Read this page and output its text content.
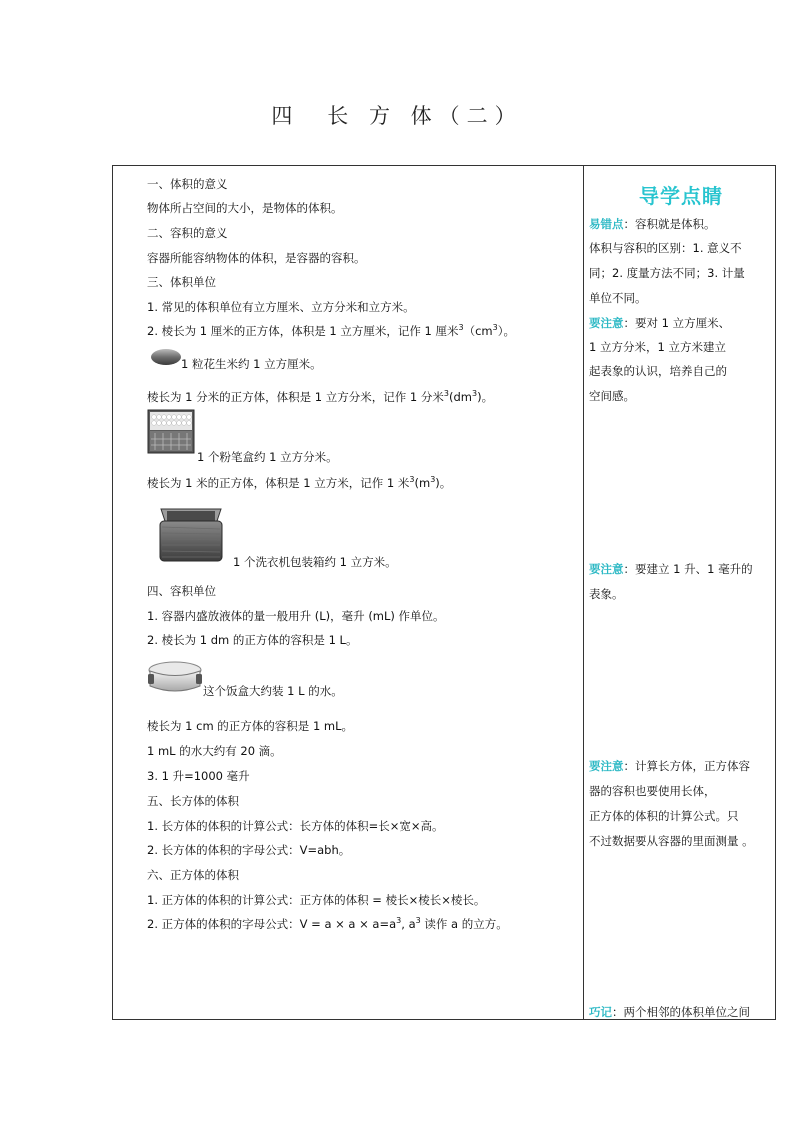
四　长 方 体（二）
一、体积的意义
物体所占空间的大小，是物体的体积。
二、容积的意义
容器所能容纳物体的体积，是容器的容积。
三、体积单位
1. 常见的体积单位有立方厘米、立方分米和立方米。
2. 棱长为 1 厘米的正方体，体积是 1 立方厘米，记作 1 厘米$^3(cm^3)$。
1 粒花生米约 1 立方厘米。
棱长为 1 分米的正方体，体积是 1 立方分米，记作 1 分米$^3(dm^3)$。
1 个粉笔盒约 1 立方分米。
棱长为 1 米的正方体，体积是 1 立方米，记作 1 米$^3(m^3)$。
1 个洗衣机包装箱约 1 立方米。
四、容积单位
1. 容器内盛放液体的量一般用升 (L)，毫升 (mL) 作单位。
2. 棱长为 1 dm 的正方体的容积是 1 L。
这个饭盒大约装 1 L 的水。
棱长为 1 cm 的正方体的容积是 1 mL。
1 mL 的水大约有 20 滴。
3. 1 升=1000 毫升
五、长方体的体积
1. 长方体的体积的计算公式：长方体的体积=长×宽×高。
2. 长方体的体积的字母公式：V=abh。
六、正方体的体积
1. 正方体的体积的计算公式：正方体的体积 = 棱长×棱长×棱长。
2. 正方体的体积的字母公式：$V = a \times a \times a=a^3$, $a^3$ 读作 a 的立方。
导学点睛
易错点：容积就是体积。
体积与容积的区别：1. 意义不
同；2. 度量方法不同；3. 计量
单位不同。
要注意：要对 1 立方厘米、
1 立方分米，1 立方米建立
起表象的认识，培养自己的
空间感。
要注意：要建立 1 升、1 毫升的
表象。
要注意：计算长方体，正方体容
器的容积也要使用长体，
正方体的体积的计算公式。只
不过数据要从容器的里面测量 。
巧记：两个相邻的体积单位之间
